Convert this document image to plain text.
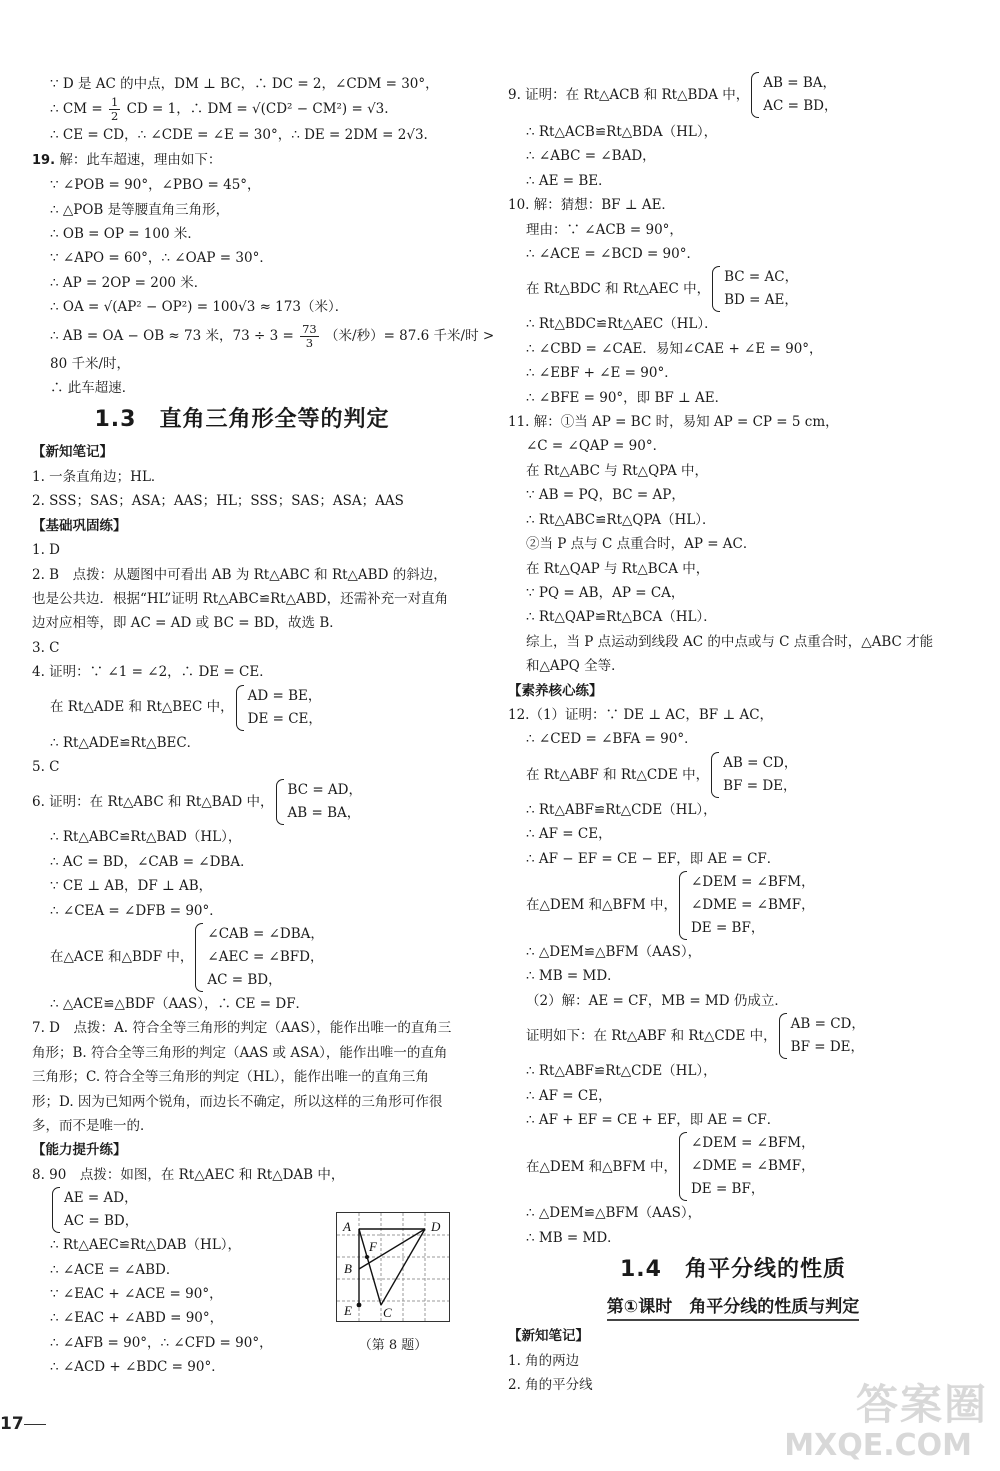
∵ D 是 AC 的中点，DM ⊥ BC，∴ DC = 2，∠CDM = 30°，
∴ CM = $\frac{1}{2}$ CD = 1，∴ DM = √(CD² − CM²) = √3.
∴ CE = CD，∴ ∠CDE = ∠E = 30°，∴ DE = 2DM = 2√3.
19. 解：此车超速，理由如下：
∵ ∠POB = 90°，∠PBO = 45°，
∴ △POB 是等腰直角三角形，
∴ OB = OP = 100 米．
∵ ∠APO = 60°，∴ ∠OAP = 30°．
∴ AP = 2OP = 200 米．
∴ OA = √(AP² − OP²) = 100√3 ≈ 173（米）．
∴ AB = OA − OB ≈ 73 米，$73 \div 3 = \frac{73}{3}$ （米/秒）= 87.6 千米/时 >
80 千米/时，
∴ 此车超速．
1.3　直角三角形全等的判定
【新知笔记】
1. 一条直角边；HL．
2. SSS；SAS；ASA；AAS；HL；SSS；SAS；ASA；AAS
【基础巩固练】
1. D
2. B　点拨：从题图中可看出 AB 为 Rt△ABC 和 Rt△ABD 的斜边，也是公共边．根据“HL”证明 Rt△ABC≌Rt△ABD，还需补充一对直角边对应相等，即 AC = AD 或 BC = BD，故选 B．
3. C
4. 证明：∵ ∠1 = ∠2，∴ DE = CE．
在 Rt△ADE 和 Rt△BEC 中，
AD = BE，
DE = CE，
∴ Rt△ADE≌Rt△BEC．
5. C
6. 证明：在 Rt△ABC 和 Rt△BAD 中，
BC = AD，
AB = BA，
∴ Rt△ABC≌Rt△BAD（HL），
∴ AC = BD，∠CAB = ∠DBA．
∵ CE ⊥ AB，DF ⊥ AB，
∴ ∠CEA = ∠DFB = 90°．
在△ACE 和△BDF 中，
∠CAB = ∠DBA，
∠AEC = ∠BFD，
AC = BD，
∴ △ACE≌△BDF（AAS），∴ CE = DF．
7. D　点拨：A. 符合全等三角形的判定（AAS），能作出唯一的直角三角形；B. 符合全等三角形的判定（AAS 或 ASA），能作出唯一的直角三角形；C. 符合全等三角形的判定（HL），能作出唯一的直角三角形；D. 因为已知两个锐角，而边长不确定，所以这样的三角形可作很多，而不是唯一的．
【能力提升练】
8. 90　点拨：如图，在 Rt△AEC 和 Rt△DAB 中，
AE = AD，
AC = BD，
∴ Rt△AEC≌Rt△DAB（HL），
∴ ∠ACE = ∠ABD．
∵ ∠EAC + ∠ACE = 90°，
∴ ∠EAC + ∠ABD = 90°，
∴ ∠AFB = 90°，∴ ∠CFD = 90°，
∴ ∠ACD + ∠BDC = 90°．
A	D
F
B
E C
（第 8 题）
9. 证明：在 Rt△ACB 和 Rt△BDA 中，
AB = BA，
AC = BD，
∴ Rt△ACB≌Rt△BDA（HL），
∴ ∠ABC = ∠BAD，
∴ AE = BE．
10. 解：猜想：BF ⊥ AE．
理由：∵ ∠ACB = 90°，
∴ ∠ACE = ∠BCD = 90°．
在 Rt△BDC 和 Rt△AEC 中，
BC = AC，
BD = AE，
∴ Rt△BDC≌Rt△AEC（HL）．
∴ ∠CBD = ∠CAE．易知∠CAE + ∠E = 90°，
∴ ∠EBF + ∠E = 90°．
∴ ∠BFE = 90°，即 BF ⊥ AE．
11. 解：①当 AP = BC 时，易知 AP = CP = 5 cm，
∠C = ∠QAP = 90°．
在 Rt△ABC 与 Rt△QPA 中，
∵ AB = PQ，BC = AP，
∴ Rt△ABC≌Rt△QPA（HL）．
②当 P 点与 C 点重合时，AP = AC．
在 Rt△QAP 与 Rt△BCA 中，
∵ PQ = AB，AP = CA，
∴ Rt△QAP≌Rt△BCA（HL）．
综上，当 P 点运动到线段 AC 的中点或与 C 点重合时，△ABC 才能
和△APQ 全等．
【素养核心练】
12.（1）证明：∵ DE ⊥ AC，BF ⊥ AC，
∴ ∠CED = ∠BFA = 90°．
在 Rt△ABF 和 Rt△CDE 中，
AB = CD，
BF = DE，
∴ Rt△ABF≌Rt△CDE（HL），
∴ AF = CE，
∴ AF − EF = CE − EF，即 AE = CF．
在△DEM 和△BFM 中，
∠DEM = ∠BFM，
∠DME = ∠BMF，
DE = BF，
∴ △DEM≌△BFM（AAS），
∴ MB = MD．
（2）解：AE = CF，MB = MD 仍成立．
证明如下：在 Rt△ABF 和 Rt△CDE 中，
AB = CD，
BF = DE，
∴ Rt△ABF≌Rt△CDE（HL），
∴ AF = CE，
∴ AF + EF = CE + EF，即 AE = CF．
在△DEM 和△BFM 中，
∠DEM = ∠BFM，
∠DME = ∠BMF，
DE = BF，
∴ △DEM≌△BFM（AAS），
∴ MB = MD．
1.4　角平分线的性质
第①课时　角平分线的性质与判定
【新知笔记】
1. 角的两边
2. 角的平分线
17	答案圈
MXQE.COM
